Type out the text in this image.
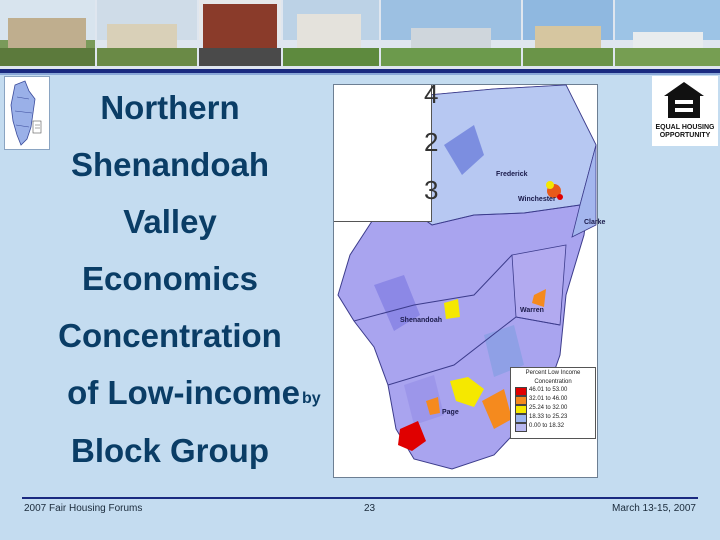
Northern
Shenandoah
Valley
Economics
Concentration
of Low-income by
Block Group
4
2
3
Frederick
Winchester
Clarke
Shenandoah
Warren
Page
Percent Low Income
Concentration
46.01 to 53.00
32.01 to 46.00
25.24 to 32.00
18.33 to 25.23
0.00 to 18.32
EQUAL HOUSING
OPPORTUNITY
2007 Fair Housing Forums	23	March 13-15, 2007
